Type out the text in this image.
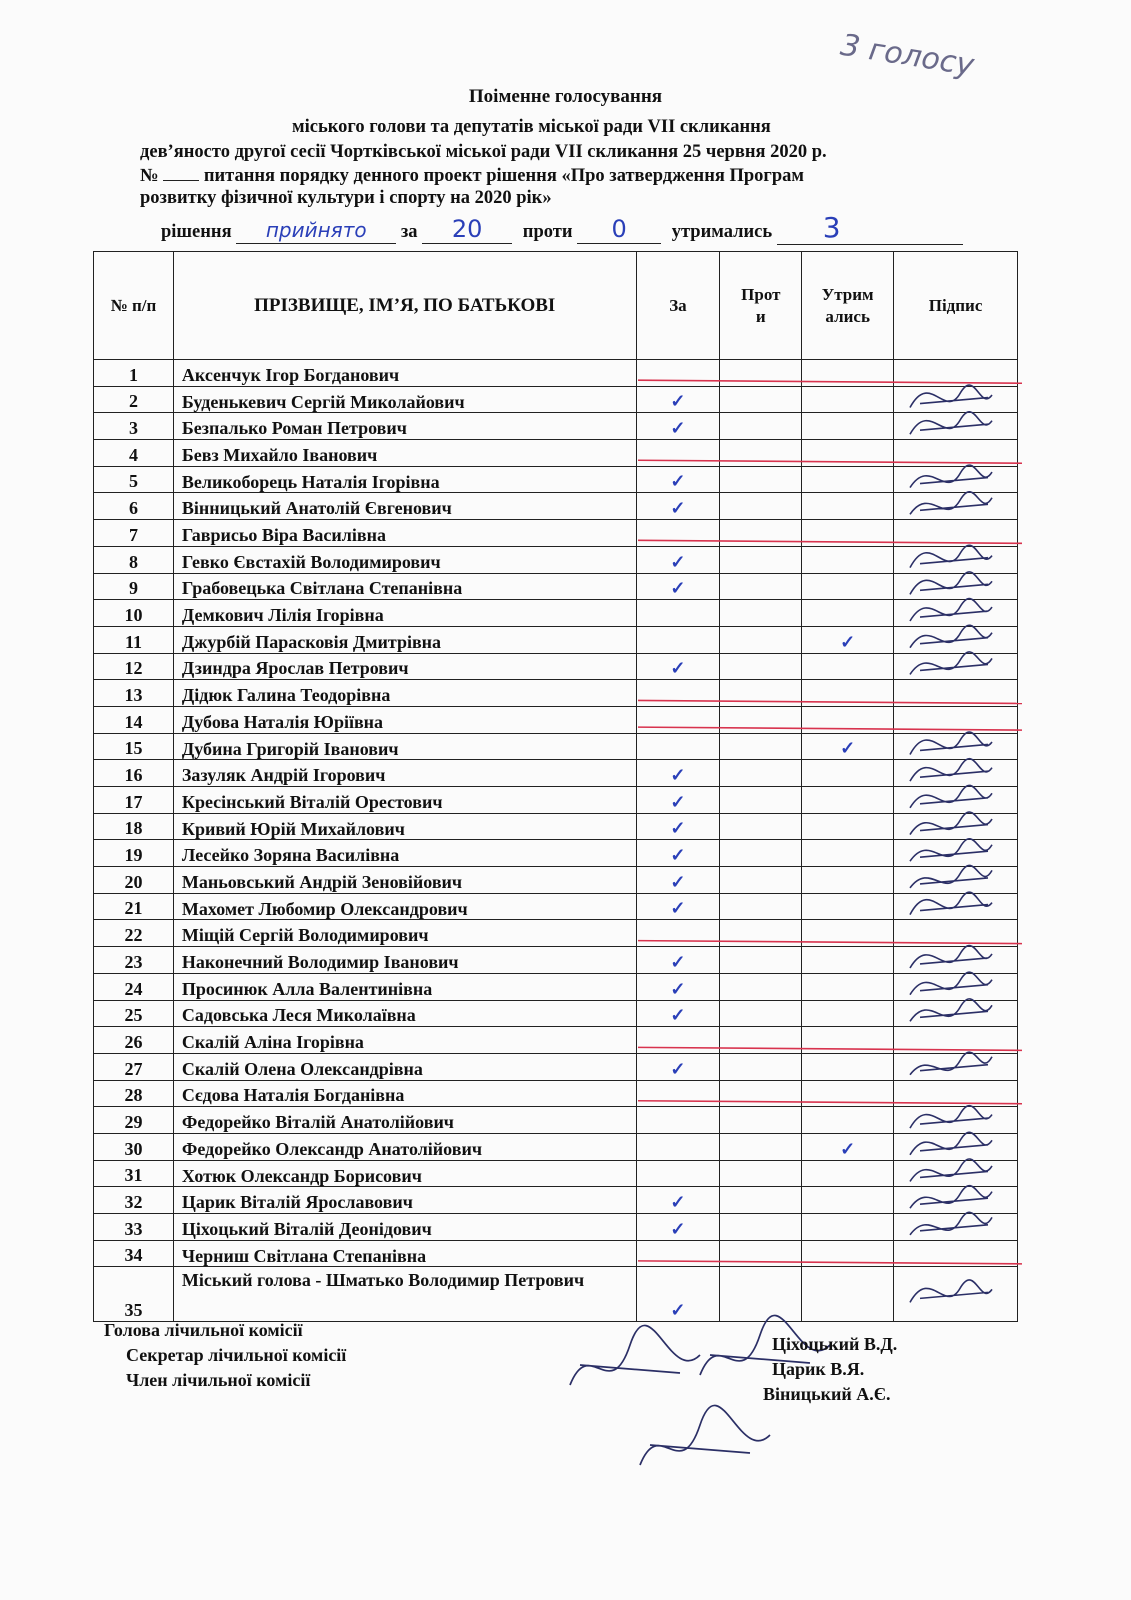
3 голосу
Поіменне голосування
міського голови та депутатів міської ради VII скликання
дев’яносто другої сесії Чортківської міської ради VII скликання 25 червня 2020 р.
№ питання порядку денного проект рішення «Про затвердження Програм
розвитку фізичної культури і спорту на 2020 рік»
рішення прийнято за 20 проти 0 утримались 3
№ п/п	ПРІЗВИЩЕ, ІМ’Я, ПО БАТЬКОВІ	За	Проти	Утримались	Підпис
1	Аксенчук Ігор Богданович				
2	Буденькевич Сергій Миколайович	✓			
3	Безпалько Роман Петрович	✓			
4	Бевз Михайло Іванович				
5	Великоборець Наталія Ігорівна	✓			
6	Вінницький Анатолій Євгенович	✓			
7	Гаврисьо Віра Василівна				
8	Гевко Євстахій Володимирович	✓			
9	Грабовецька Світлана Степанівна	✓			
10	Демкович Лілія Ігорівна				
11	Джурбій Парасковія Дмитрівна			✓	
12	Дзиндра Ярослав Петрович	✓			
13	Дідюк Галина Теодорівна				
14	Дубова Наталія Юріївна				
15	Дубина Григорій Іванович			✓	
16	Зазуляк Андрій Ігорович	✓			
17	Кресінський Віталій Орестович	✓			
18	Кривий Юрій Михайлович	✓			
19	Лесейко Зоряна Василівна	✓			
20	Маньовський Андрій Зеновійович	✓			
21	Махомет Любомир Олександрович	✓			
22	Міщій Сергій Володимирович				
23	Наконечний Володимир Іванович	✓			
24	Просинюк Алла Валентинівна	✓			
25	Садовська Леся Миколаївна	✓			
26	Скалій Аліна Ігорівна				
27	Скалій Олена Олександрівна	✓			
28	Сєдова Наталія Богданівна				
29	Федорейко Віталій Анатолійович				
30	Федорейко Олександр Анатолійович			✓	
31	Хотюк Олександр Борисович				
32	Царик Віталій Ярославович	✓			
33	Ціхоцький Віталій Деонідович	✓			
34	Черниш Світлана Степанівна				
35	Міський голова - Шматько Володимир Петрович	✓			
Голова лічильної комісії
Секретар лічильної комісії
Член лічильної комісії
Ціхоцький В.Д.
Царик В.Я.
Віницький А.Є.
